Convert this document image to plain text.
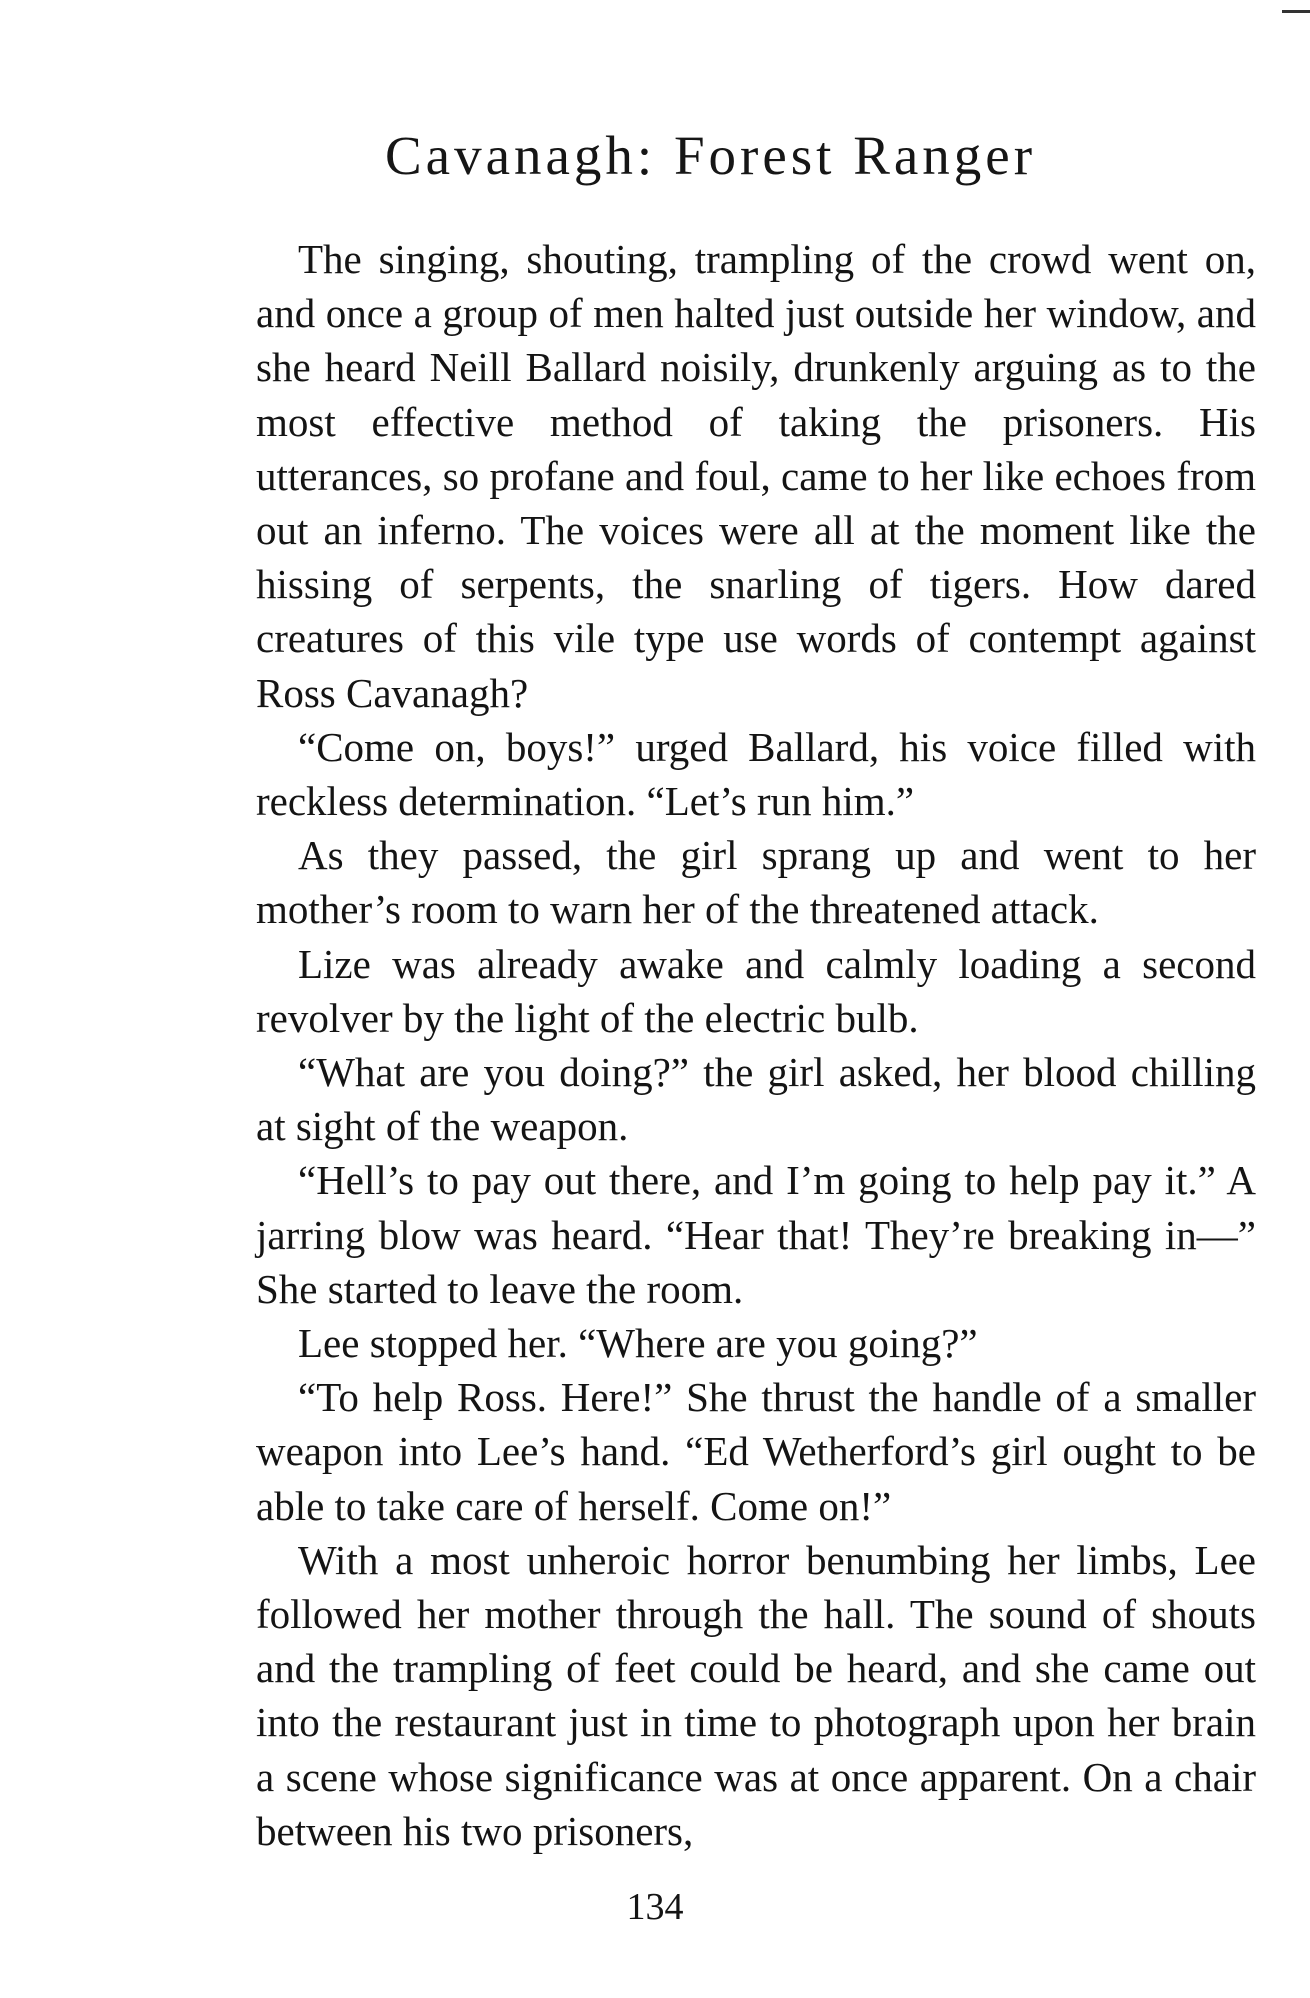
Cavanagh: Forest Ranger

The singing, shouting, trampling of the crowd went on, and once a group of men halted just outside her window, and she heard Neill Ballard noisily, drunkenly arguing as to the most effective method of taking the prisoners. His utterances, so profane and foul, came to her like echoes from out an inferno. The voices were all at the moment like the hissing of serpents, the snarling of tigers. How dared creatures of this vile type use words of contempt against Ross Cavanagh?

“Come on, boys!” urged Ballard, his voice filled with reckless determination. “Let’s run him.”

As they passed, the girl sprang up and went to her mother’s room to warn her of the threatened attack.

Lize was already awake and calmly loading a second revolver by the light of the electric bulb.

“What are you doing?” the girl asked, her blood chilling at sight of the weapon.

“Hell’s to pay out there, and I’m going to help pay it.” A jarring blow was heard. “Hear that! They’re breaking in—” She started to leave the room.

Lee stopped her. “Where are you going?”

“To help Ross. Here!” She thrust the handle of a smaller weapon into Lee’s hand. “Ed Wetherford’s girl ought to be able to take care of herself. Come on!”

With a most unheroic horror benumbing her limbs, Lee followed her mother through the hall. The sound of shouts and the trampling of feet could be heard, and she came out into the restaurant just in time to photograph upon her brain a scene whose significance was at once apparent. On a chair between his two prisoners,

134
